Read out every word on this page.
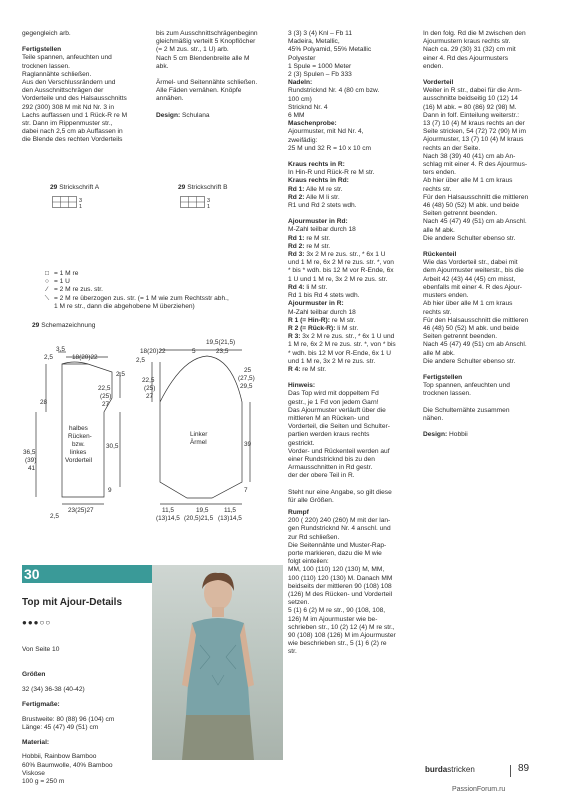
gegengleich arb.

Fertigstellen

Teile spannen, anfeuchten und
trocknen lassen.
Raglannähte schließen.
Aus den Verschlussrändern und
den Ausschnittschrägen der
Vorderteile und des Halsausschnitts
292 (300) 308 M mit Nd Nr. 3 in
Lachs auffassen und 1 Rück-R re M
str. Dann im Rippenmuster str.,
dabei nach 2,5 cm ab Auffassen in
die Blende des rechten Vorderteils

bis zum Ausschnittschrägenbeginn
gleichmäßig verteilt 5 Knopflöcher
(= 2 M zus. str., 1 U) arb.
Nach 5 cm Blendenbreite alle M
abk.

Ärmel- und Seitennähte schließen.
Alle Fäden vernähen. Knöpfe
annähen.

Design: Schulana

29 Strickschrift A
3
1
29 Strickschrift B
3
1
□ = 1 M re
○ = 1 U
⁄ = 2 M re zus. str.
⟍ = 2 M re überzogen zus. str. (= 1 M wie zum Rechtsstr abh.,
1 M re str., dann die abgehobene M überziehen)
29 Schemazeichnung
3,5
2,5	18(20)22
2,5
22,5
(25)
27
28
36,5
(39)
41
halbes
Rücken-
bzw.
linkes
Vorderteil
30,5
9
23(25)27
2,5
19,5(21,5)
18(20)22	5	23,5
2,5
22,5
(25)
27
25
(27,5)
29,5
Linker
Ärmel	39
7
11,5	19,5 11,5
(13)14,5 (20,5)21,5 (13)14,5

3 (3) 3 (4) Knl – Fb 11
Madeira, Metallic,
45% Polyamid, 55% Metallic Polyester
1 Spule = 1000 Meter
2 (3) Spulen – Fb 333

Nadeln:

Rundstricknd Nr. 4 (80 cm bzw.
100 cm)
Stricknd Nr. 4
6 MM

Maschenprobe:

Ajourmuster, mit Nd Nr. 4,
zweifädig:
25 M und 32 R = 10 x 10 cm

Kraus rechts in R:

In Hin-R und Rück-R re M str.

Kraus rechts in Rd:

Rd 1: Alle M re str.

Rd 2: Alle M li str.

R1 und Rd 2 stets wdh.

Ajourmuster in Rd:

M-Zahl teilbar durch 18

Rd 1: re M str.

Rd 2: re M str.

Rd 3: 3x 2 M re zus. str., * 6x 1 U
und 1 M re, 6x 2 M re zus. str. *, von
* bis * wdh. bis 12 M vor R-Ende, 6x
1 U und 1 M re, 3x 2 M re zus. str.

Rd 4: li M str.

Rd 1 bis Rd 4 stets wdh.

Ajourmuster in R:

M-Zahl teilbar durch 18

R 1 (= Hin-R): re M str.

R 2 (= Rück-R): li M str.

R 3: 3x 2 M re zus. str., * 6x 1 U und
1 M re, 6x 2 M re zus. str. *, von * bis
* wdh. bis 12 M vor R-Ende, 6x 1 U
und 1 M re, 3x 2 M re zus. str.

R 4: re M str.

Hinweis:

Das Top wird mit doppeltem Fd
gestr., je 1 Fd von jedem Garn!
Das Ajourmuster verläuft über die
mittleren M an Rücken- und
Vorderteil, die Seiten und Schulter-
partien werden kraus rechts
gestrickt.
Vorder- und Rückenteil werden auf
einer Rundstricknd bis zu den
Armausschnitten in Rd gestr.
der der obere Teil in R.

Steht nur eine Angabe, so gilt diese
für alle Größen.

Rumpf

200 ( 220) 240 (260) M mit der lan-
gen Rundstricknd Nr. 4 anschl. und
zur Rd schließen.
Die Seitennähte und Muster-Rap-
porte markieren, dazu die M wie
folgt einteilen:
MM, 100 (110) 120 (130) M, MM,
100 (110) 120 (130) M. Danach MM
beidseits der mittleren 90 (108) 108
(126) M des Rücken- und Vorderteil
setzen.
5 (1) 6 (2) M re str., 90 (108, 108,
126) M im Ajourmuster wie be-
schrieben str., 10 (2) 12 (4) M re str.,
90 (108) 108 (126) M im Ajourmuster
wie beschrieben str., 5 (1) 6 (2) re
str.

In den folg. Rd die M zwischen den
Ajourmustern kraus rechts str.
Nach ca. 29 (30) 31 (32) cm mit
einer 4. Rd des Ajourmusters
enden.

Vorderteil

Weiter in R str., dabei für die Arm-
ausschnitte beidseitig 10 (12) 14
(16) M abk. = 80 (86) 92 (98) M.
Dann in folf. Einteilung weiterstr.:
13 (7) 10 (4) M kraus rechts an der
Seite stricken, 54 (72) 72 (90) M im
Ajourmuster, 13 (7) 10 (4) M kraus
rechts an der Seite.
Nach 38 (39) 40 (41) cm ab An-
schlag mit einer 4. R des Ajourmus-
ters enden.
Ab hier über alle M 1 cm kraus
rechts str.
Für den Halsausschnitt die mittleren
46 (48) 50 (52) M abk. und beide
Seiten getrennt beenden.
Nach 45 (47) 49 (51) cm ab Anschl.
alle M abk.
Die andere Schulter ebenso str.

Rückenteil

Wie das Vorderteil str., dabei mit
dem Ajourmuster weiterstr., bis die
Arbeit 42 (43) 44 (45) cm misst,
ebenfalls mit einer 4. R des Ajour-
musters enden.
Ab hier über alle M 1 cm kraus
rechts str.
Für den Halsausschnitt die mittleren
46 (48) 50 (52) M abk. und beide
Seiten getrennt beenden.
Nach 45 (47) 49 (51) cm ab Anschl.
alle M abk.
Die andere Schulter ebenso str.

Fertigstellen

Top spannen, anfeuchten und
trocknen lassen.

Die Schulternähte zusammen
nähen.

Design: Hobbii

30

Top mit Ajour-Details

●●●○○

Von Seite 10

Größen

32 (34) 36-38 (40-42)

Fertigmaße:

Brustweite: 80 (88) 96 (104) cm
Länge: 45 (47) 49 (51) cm

Material:

Hobbii, Rainbow Bamboo
60% Baumwolle, 40% Bamboo
Viskose
100 g = 250 m

burdastricken	89
PassionForum.ru
